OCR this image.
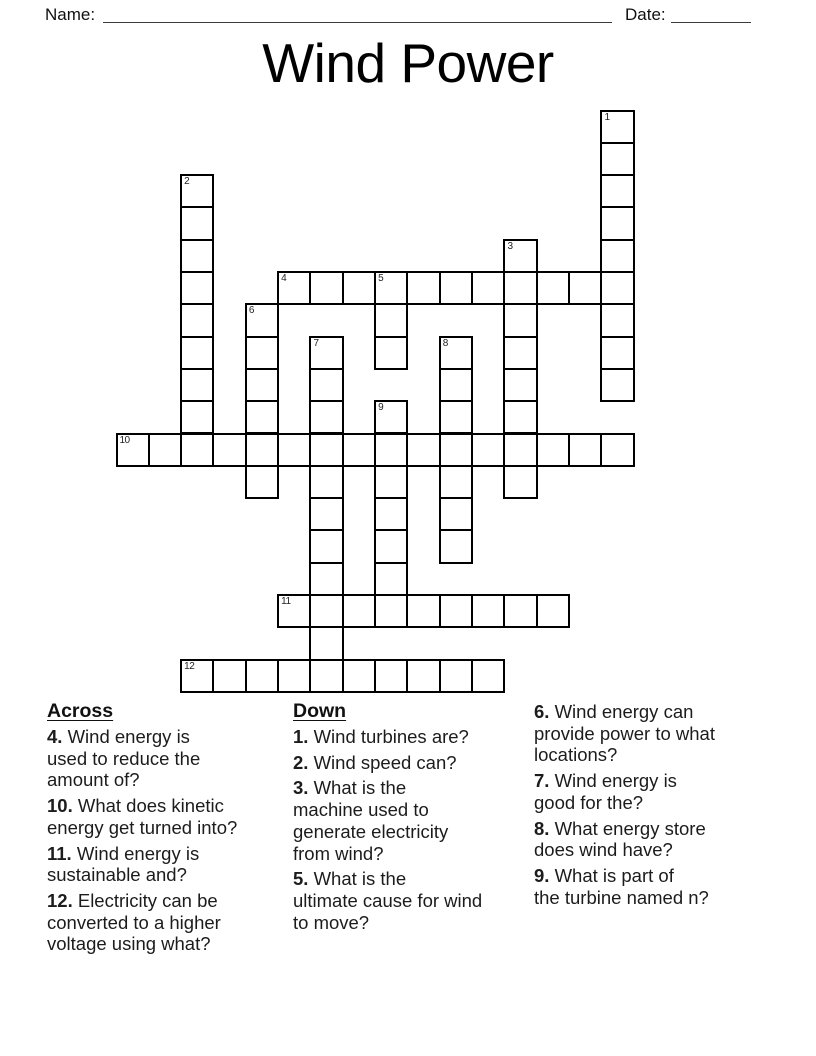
Name:	Date:
Wind Power
1
2
3
4	5
6
7	8
9
10
11
12
Across
4. Wind energy is
used to reduce the
amount of?
10. What does kinetic
energy get turned into?
11. Wind energy is
sustainable and?
12. Electricity can be
converted to a higher
voltage using what?
Down
1. Wind turbines are?
2. Wind speed can?
3. What is the
machine used to
generate electricity
from wind?
5. What is the
ultimate cause for wind
to move?
6. Wind energy can
provide power to what
locations?
7. Wind energy is
good for the?
8. What energy store
does wind have?
9. What is part of
the turbine named n?
